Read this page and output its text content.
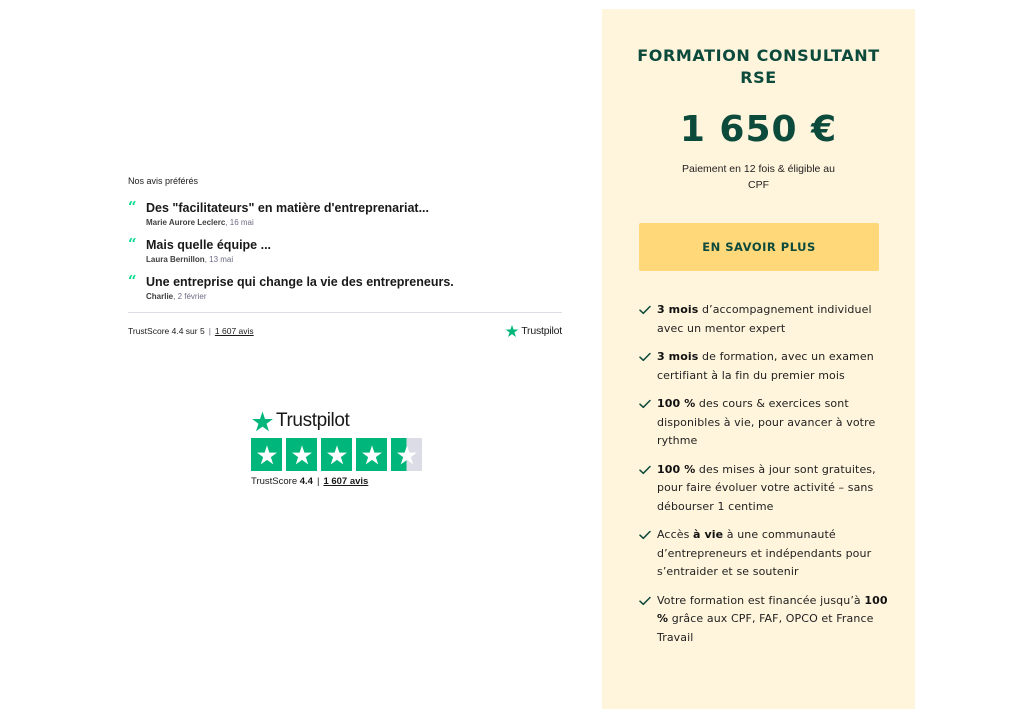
Nos avis préférés
“ Des "facilitateurs" en matière d'entreprenariat...
Marie Aurore Leclerc, 16 mai
“ Mais quelle équipe ...
Laura Bernillon, 13 mai
“ Une entreprise qui change la vie des entrepreneurs.
Charlie, 2 février
TrustScore 4.4 sur 5 | 1 607 avis	Trustpilot
Trustpilot
TrustScore 4.4 | 1 607 avis
FORMATION CONSULTANT RSE
1 650 €

Paiement en 12 fois & éligible au CPF

EN SAVOIR PLUS
3 mois d’accompagnement individuel avec un mentor expert
3 mois de formation, avec un examen certifiant à la fin du premier mois
100 % des cours & exercices sont disponibles à vie, pour avancer à votre rythme
100 % des mises à jour sont gratuites, pour faire évoluer votre activité – sans débourser 1 centime
Accès à vie à une communauté d’entrepreneurs et indépendants pour s’entraider et se soutenir
Votre formation est financée jusqu’à 100 % grâce aux CPF, FAF, OPCO et France Travail
